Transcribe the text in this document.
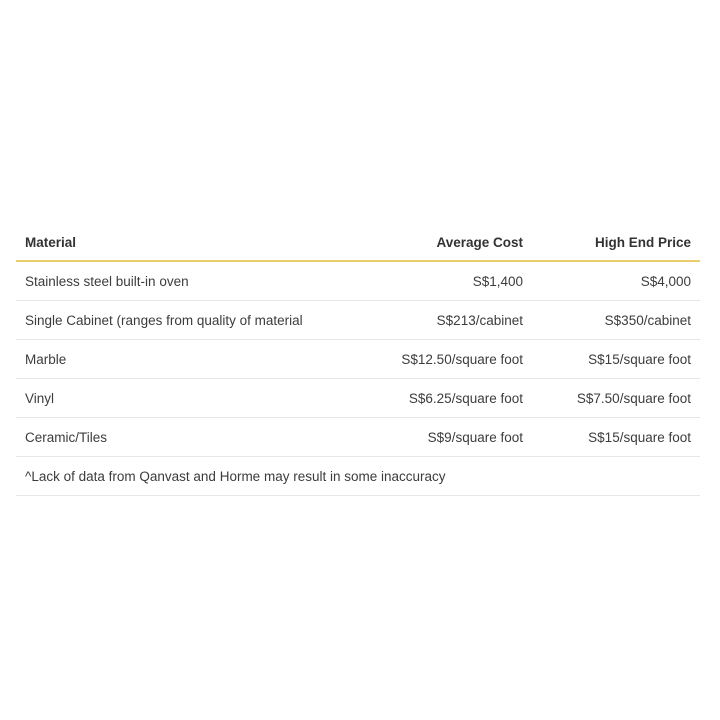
Material	Average Cost	High End Price
Stainless steel built-in oven	S$1,400	S$4,000
Single Cabinet (ranges from quality of material	S$213/cabinet	S$350/cabinet
Marble	S$12.50/square foot	S$15/square foot
Vinyl	S$6.25/square foot	S$7.50/square foot
Ceramic/Tiles	S$9/square foot	S$15/square foot
^Lack of data from Qanvast and Horme may result in some inaccuracy		
